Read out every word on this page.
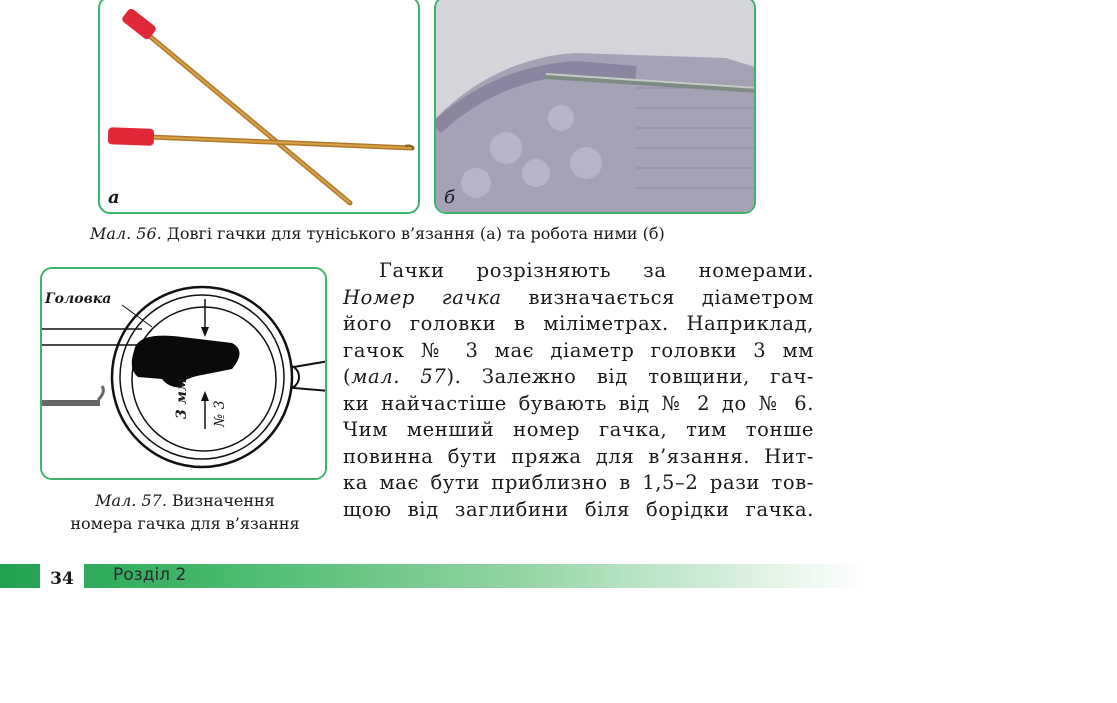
а	б
Мал. 56. Довгі гачки для туніського в’язання (а) та робота ними (б)
3 мм № 3
Головка
Мал. 57. Визначення
номера гачка для в’язання
Гачки розрізняють за номерами.
Номер гачка визначається діаметром
його головки в міліметрах. Наприклад,
гачок № 3 має діаметр головки 3 мм
(мал. 57). Залежно від товщини, гач-
ки найчастіше бувають від № 2 до № 6.
Чим менший номер гачка, тим тонше
повинна бути пряжа для в’язання. Нит-
ка має бути приблизно в 1,5–2 рази тов-
щою від заглибини біля борідки гачка.
34	Розділ 2
